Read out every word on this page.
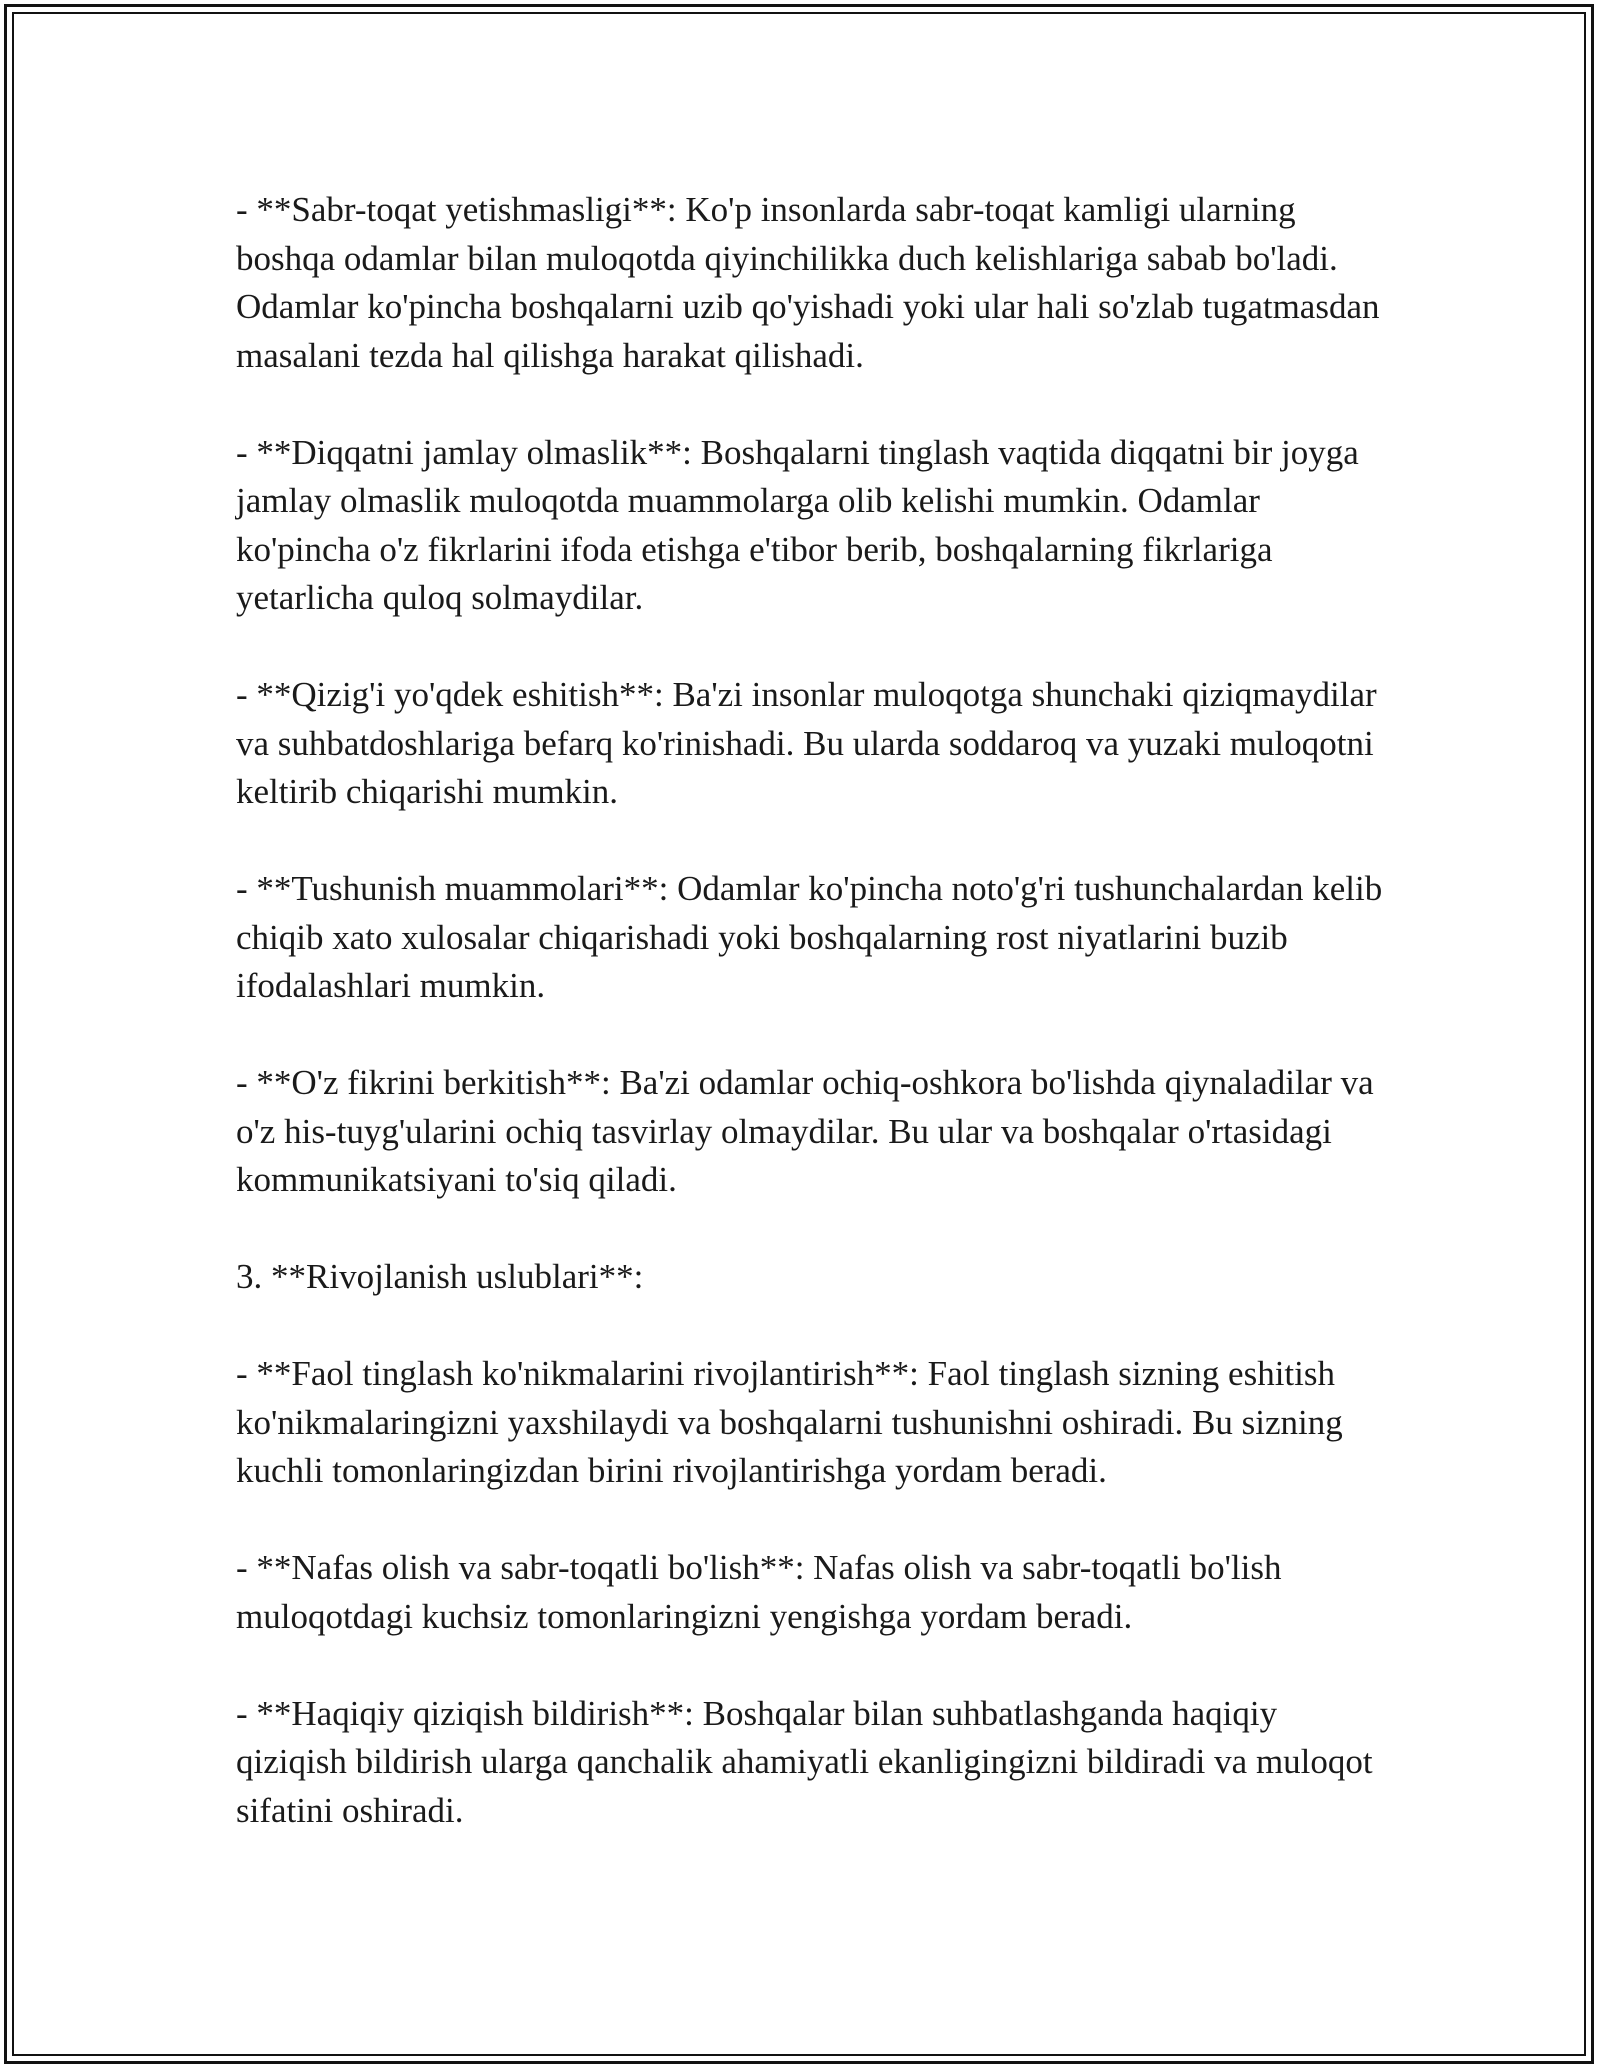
- **Sabr-toqat yetishmasligi**: Ko'p insonlarda sabr-toqat kamligi ularning boshqa odamlar bilan muloqotda qiyinchilikka duch kelishlariga sabab bo'ladi. Odamlar ko'pincha boshqalarni uzib qo'yishadi yoki ular hali so'zlab tugatmasdan masalani tezda hal qilishga harakat qilishadi.

- **Diqqatni jamlay olmaslik**: Boshqalarni tinglash vaqtida diqqatni bir joyga jamlay olmaslik muloqotda muammolarga olib kelishi mumkin. Odamlar ko'pincha o'z fikrlarini ifoda etishga e'tibor berib, boshqalarning fikrlariga yetarlicha quloq solmaydilar.

- **Qizig'i yo'qdek eshitish**: Ba'zi insonlar muloqotga shunchaki qiziqmaydilar va suhbatdoshlariga befarq ko'rinishadi. Bu ularda soddaroq va yuzaki muloqotni keltirib chiqarishi mumkin.

- **Tushunish muammolari**: Odamlar ko'pincha noto'g'ri tushunchalardan kelib chiqib xato xulosalar chiqarishadi yoki boshqalarning rost niyatlarini buzib ifodalashlari mumkin.

- **O'z fikrini berkitish**: Ba'zi odamlar ochiq-oshkora bo'lishda qiynaladilar va o'z his-tuyg'ularini ochiq tasvirlay olmaydilar. Bu ular va boshqalar o'rtasidagi kommunikatsiyani to'siq qiladi.

3. **Rivojlanish uslublari**:

- **Faol tinglash ko'nikmalarini rivojlantirish**: Faol tinglash sizning eshitish ko'nikmalaringizni yaxshilaydi va boshqalarni tushunishni oshiradi. Bu sizning kuchli tomonlaringizdan birini rivojlantirishga yordam beradi.

- **Nafas olish va sabr-toqatli bo'lish**: Nafas olish va sabr-toqatli bo'lish muloqotdagi kuchsiz tomonlaringizni yengishga yordam beradi.

- **Haqiqiy qiziqish bildirish**: Boshqalar bilan suhbatlashganda haqiqiy qiziqish bildirish ularga qanchalik ahamiyatli ekanligingizni bildiradi va muloqot sifatini oshiradi.
